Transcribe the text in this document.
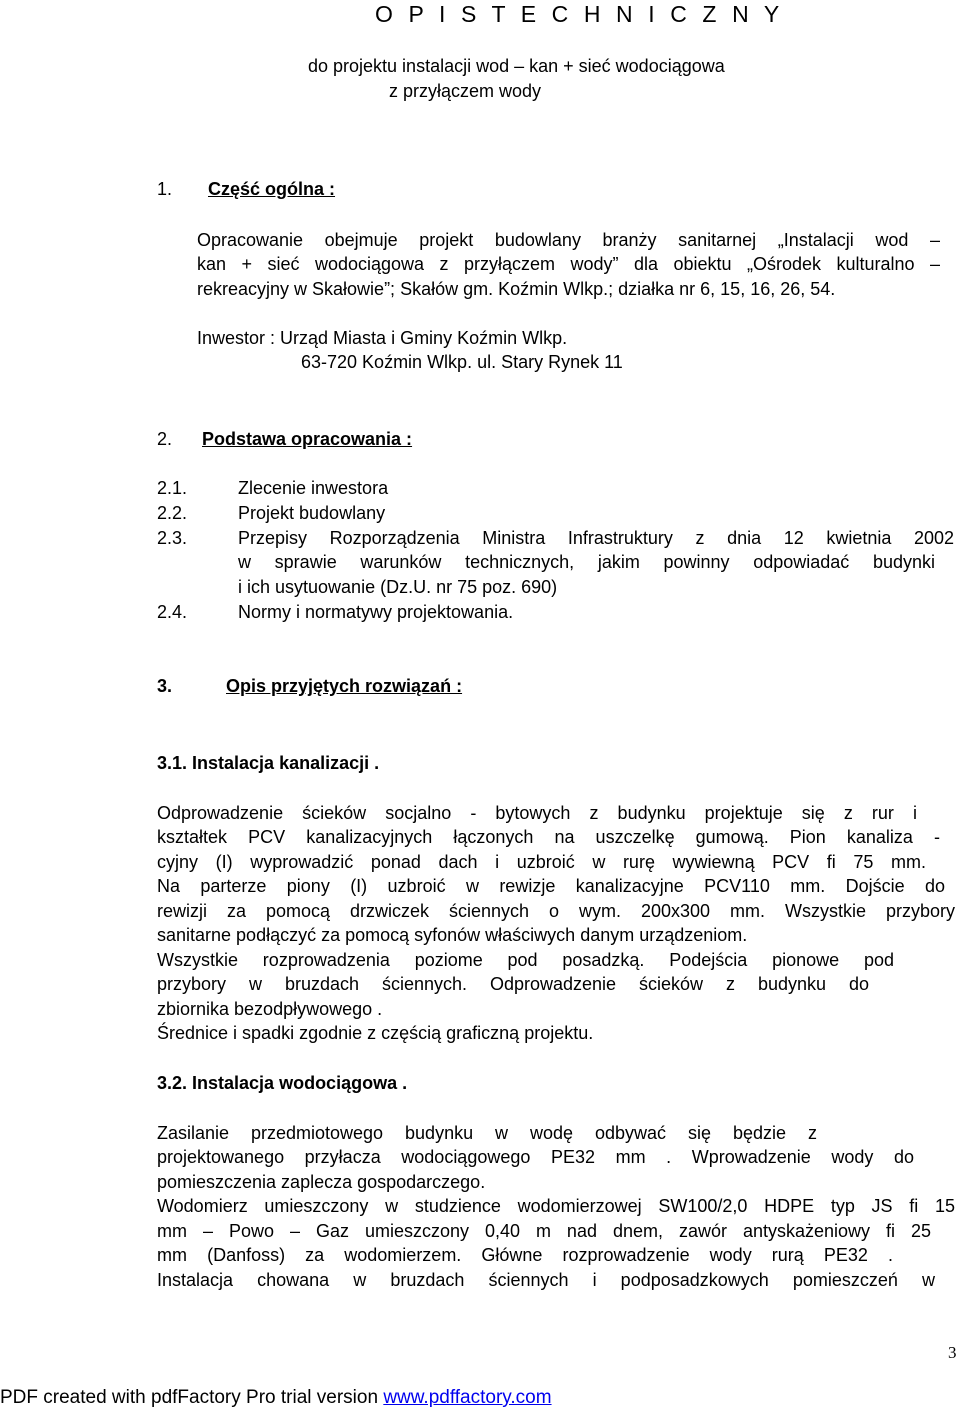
O P I S T E C H N I C Z N Y
do projektu instalacji wod – kan + sieć wodociągowa
z przyłączem wody
1. Część ogólna :
Opracowanie obejmuje projekt budowlany branży sanitarnej „Instalacji wod –
kan + sieć wodociągowa z przyłączem wody” dla obiektu „Ośrodek kulturalno –
rekreacyjny w Skałowie”; Skałów gm. Koźmin Wlkp.; działka nr 6, 15, 16, 26, 54.
Inwestor : Urząd Miasta i Gminy Koźmin Wlkp.
63-720 Koźmin Wlkp. ul. Stary Rynek 11
2. Podstawa opracowania :
2.1.	Zlecenie inwestora
2.2.	Projekt budowlany
2.3.	Przepisy Rozporządzenia Ministra Infrastruktury z dnia 12 kwietnia 2002
w sprawie warunków technicznych, jakim powinny odpowiadać budynki
i ich usytuowanie (Dz.U. nr 75 poz. 690)
2.4.	Normy i normatywy projektowania.
3.	Opis przyjętych rozwiązań :
3.1. Instalacja kanalizacji .
Odprowadzenie ścieków socjalno - bytowych z budynku projektuje się z rur i
kształtek PCV kanalizacyjnych łączonych na uszczelkę gumową. Pion kanaliza -
cyjny (I) wyprowadzić ponad dach i uzbroić w rurę wywiewną PCV fi 75 mm.
Na parterze piony (I) uzbroić w rewizje kanalizacyjne PCV110 mm. Dojście do
rewizji za pomocą drzwiczek ściennych o wym. 200x300 mm. Wszystkie przybory
sanitarne podłączyć za pomocą syfonów właściwych danym urządzeniom.
Wszystkie rozprowadzenia poziome pod posadzką. Podejścia pionowe pod
przybory w bruzdach ściennych. Odprowadzenie ścieków z budynku do
zbiornika bezodpływowego .
Średnice i spadki zgodnie z częścią graficzną projektu.
3.2. Instalacja wodociągowa .
Zasilanie przedmiotowego budynku w wodę odbywać się będzie z
projektowanego przyłacza wodociągowego PE32 mm . Wprowadzenie wody do
pomieszczenia zaplecza gospodarczego.
Wodomierz umieszczony w studzience wodomierzowej SW100/2,0 HDPE typ JS fi 15
mm – Powo – Gaz umieszczony 0,40 m nad dnem, zawór antyskażeniowy fi 25
mm (Danfoss) za wodomierzem. Główne rozprowadzenie wody rurą PE32 .
Instalacja chowana w bruzdach ściennych i podposadzkowych pomieszczeń w
3
PDF created with pdfFactory Pro trial version www.pdffactory.com
